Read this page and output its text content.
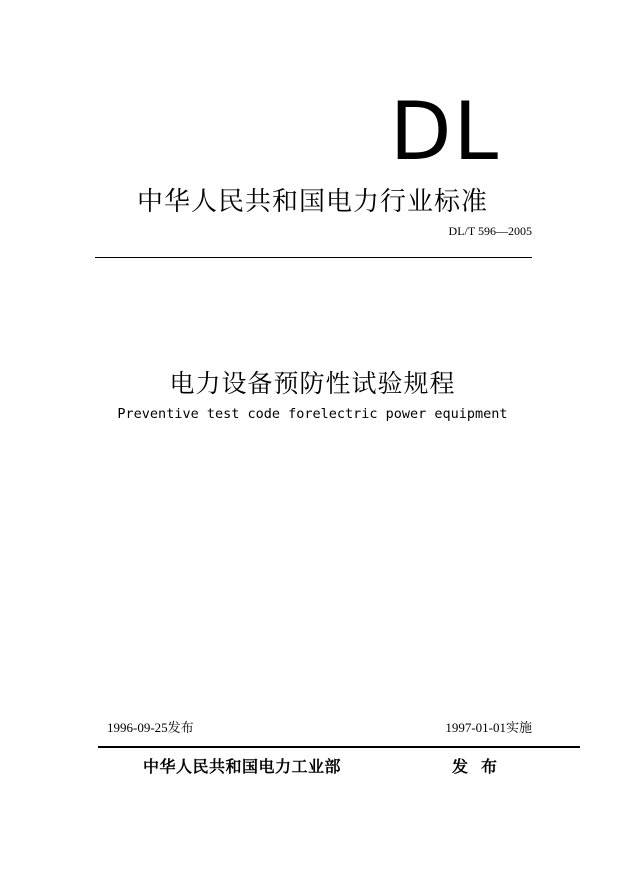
DL
中华人民共和国电力行业标准
DL/T 596—2005
电力设备预防性试验规程
Preventive test code forelectric power equipment
1996-09-25发布	1997-01-01实施
中华人民共和国电力工业部	发布
